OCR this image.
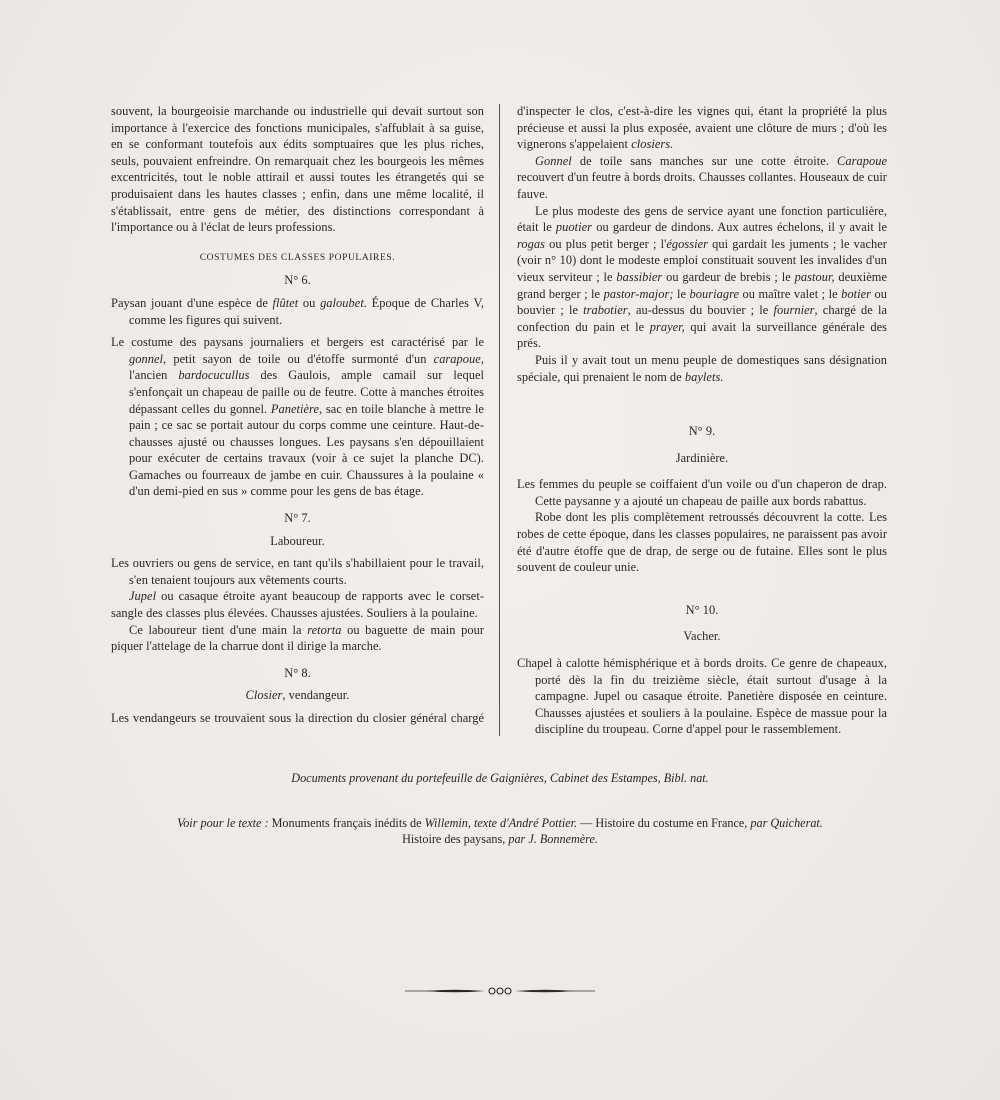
souvent, la bourgeoisie marchande ou industrielle qui devait surtout son importance à l'exercice des fonctions municipales, s'affublait à sa guise, en se conformant toutefois aux édits somptuaires que les plus riches, seuls, pouvaient enfreindre. On remarquait chez les bourgeois les mêmes excentricités, tout le noble attirail et aussi toutes les étrangetés qui se produisaient dans les hautes classes ; enfin, dans une même localité, il s'établissait, entre gens de métier, des distinctions correspondant à l'importance ou à l'éclat de leurs professions.

COSTUMES DES CLASSES POPULAIRES.

N° 6.

Paysan jouant d'une espèce de flûtet ou galoubet. Époque de Charles V, comme les figures qui suivent.

Le costume des paysans journaliers et bergers est caractérisé par le gonnel, petit sayon de toile ou d'étoffe surmonté d'un carapoue, l'ancien bardocucullus des Gaulois, ample camail sur lequel s'enfonçait un chapeau de paille ou de feutre. Cotte à manches étroites dépassant celles du gonnel. Panetière, sac en toile blanche à mettre le pain ; ce sac se portait autour du corps comme une ceinture. Haut-de-chausses ajusté ou chausses longues. Les paysans s'en dépouillaient pour exécuter de certains travaux (voir à ce sujet la planche DC). Gamaches ou fourreaux de jambe en cuir. Chaussures à la poulaine « d'un demi-pied en sus » comme pour les gens de bas étage.

N° 7.

Laboureur.

Les ouvriers ou gens de service, en tant qu'ils s'habillaient pour le travail, s'en tenaient toujours aux vêtements courts.

Jupel ou casaque étroite ayant beaucoup de rapports avec le corset-sangle des classes plus élevées. Chausses ajustées. Souliers à la poulaine.

Ce laboureur tient d'une main la retorta ou baguette de main pour piquer l'attelage de la charrue dont il dirige la marche.

N° 8.

Closier, vendangeur.

Les vendangeurs se trouvaient sous la direction du closier général chargé

d'inspecter le clos, c'est-à-dire les vignes qui, étant la propriété la plus précieuse et aussi la plus exposée, avaient une clôture de murs ; d'où les vignerons s'appelaient closiers.

Gonnel de toile sans manches sur une cotte étroite. Carapoue recouvert d'un feutre à bords droits. Chausses collantes. Houseaux de cuir fauve.

Le plus modeste des gens de service ayant une fonction particulière, était le puotier ou gardeur de dindons. Aux autres échelons, il y avait le rogas ou plus petit berger ; l'égossier qui gardait les juments ; le vacher (voir n° 10) dont le modeste emploi constituait souvent les invalides d'un vieux serviteur ; le bassibier ou gardeur de brebis ; le pastour, deuxième grand berger ; le pastor-major; le bouriagre ou maître valet ; le botier ou bouvier ; le trabotier, au-dessus du bouvier ; le fournier, chargé de la confection du pain et le prayer, qui avait la surveillance générale des prés.

Puis il y avait tout un menu peuple de domestiques sans désignation spéciale, qui prenaient le nom de baylets.

N° 9.

Jardinière.

Les femmes du peuple se coiffaient d'un voile ou d'un chaperon de drap. Cette paysanne y a ajouté un chapeau de paille aux bords rabattus.

Robe dont les plis complètement retroussés découvrent la cotte. Les robes de cette époque, dans les classes populaires, ne paraissent pas avoir été d'autre étoffe que de drap, de serge ou de futaine. Elles sont le plus souvent de couleur unie.

N° 10.

Vacher.

Chapel à calotte hémisphérique et à bords droits. Ce genre de chapeaux, porté dès la fin du treizième siècle, était surtout d'usage à la campagne. Jupel ou casaque étroite. Panetière disposée en ceinture. Chausses ajustées et souliers à la poulaine. Espèce de massue pour la discipline du troupeau. Corne d'appel pour le rassemblement.

Documents provenant du portefeuille de Gaignières, Cabinet des Estampes, Bibl. nat.

Voir pour le texte : Monuments français inédits de Willemin, texte d'André Pottier. — Histoire du costume en France, par Quicherat.
Histoire des paysans, par J. Bonnemère.
